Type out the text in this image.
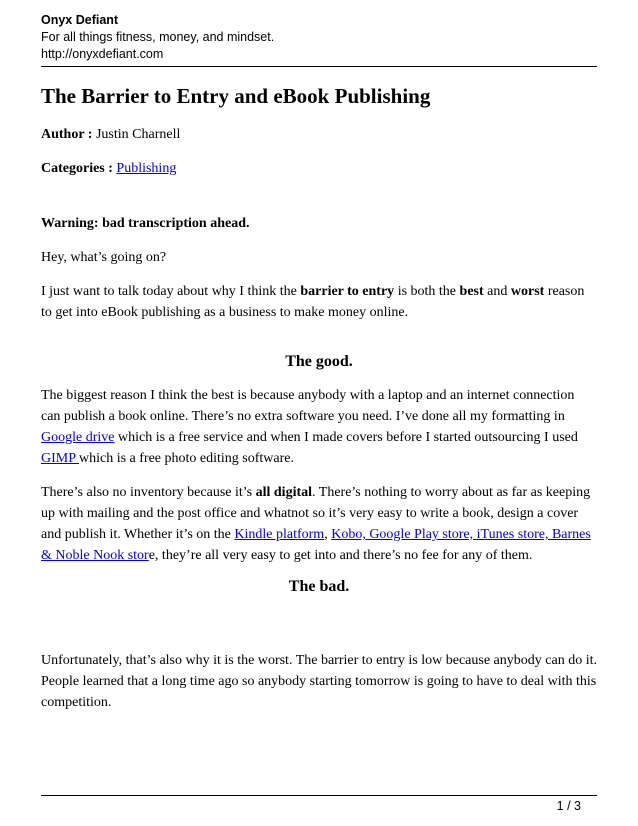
Onyx Defiant
For all things fitness, money, and mindset.
http://onyxdefiant.com
The Barrier to Entry and eBook Publishing

Author : Justin Charnell

Categories : Publishing

Warning: bad transcription ahead.

Hey, what’s going on?

I just want to talk today about why I think the barrier to entry is both the best and worst reason to get into eBook publishing as a business to make money online.

The good.

The biggest reason I think the best is because anybody with a laptop and an internet connection can publish a book online. There’s no extra software you need. I’ve done all my formatting in Google drive which is a free service and when I made covers before I started outsourcing I used GIMP which is a free photo editing software.

There’s also no inventory because it’s all digital. There’s nothing to worry about as far as keeping up with mailing and the post office and whatnot so it’s very easy to write a book, design a cover and publish it. Whether it’s on the Kindle platform, Kobo, Google Play store, iTunes store, Barnes & Noble Nook store, they’re all very easy to get into and there’s no fee for any of them.

The bad.

Unfortunately, that’s also why it is the worst. The barrier to entry is low because anybody can do it. People learned that a long time ago so anybody starting tomorrow is going to have to deal with this competition.

1 / 3
